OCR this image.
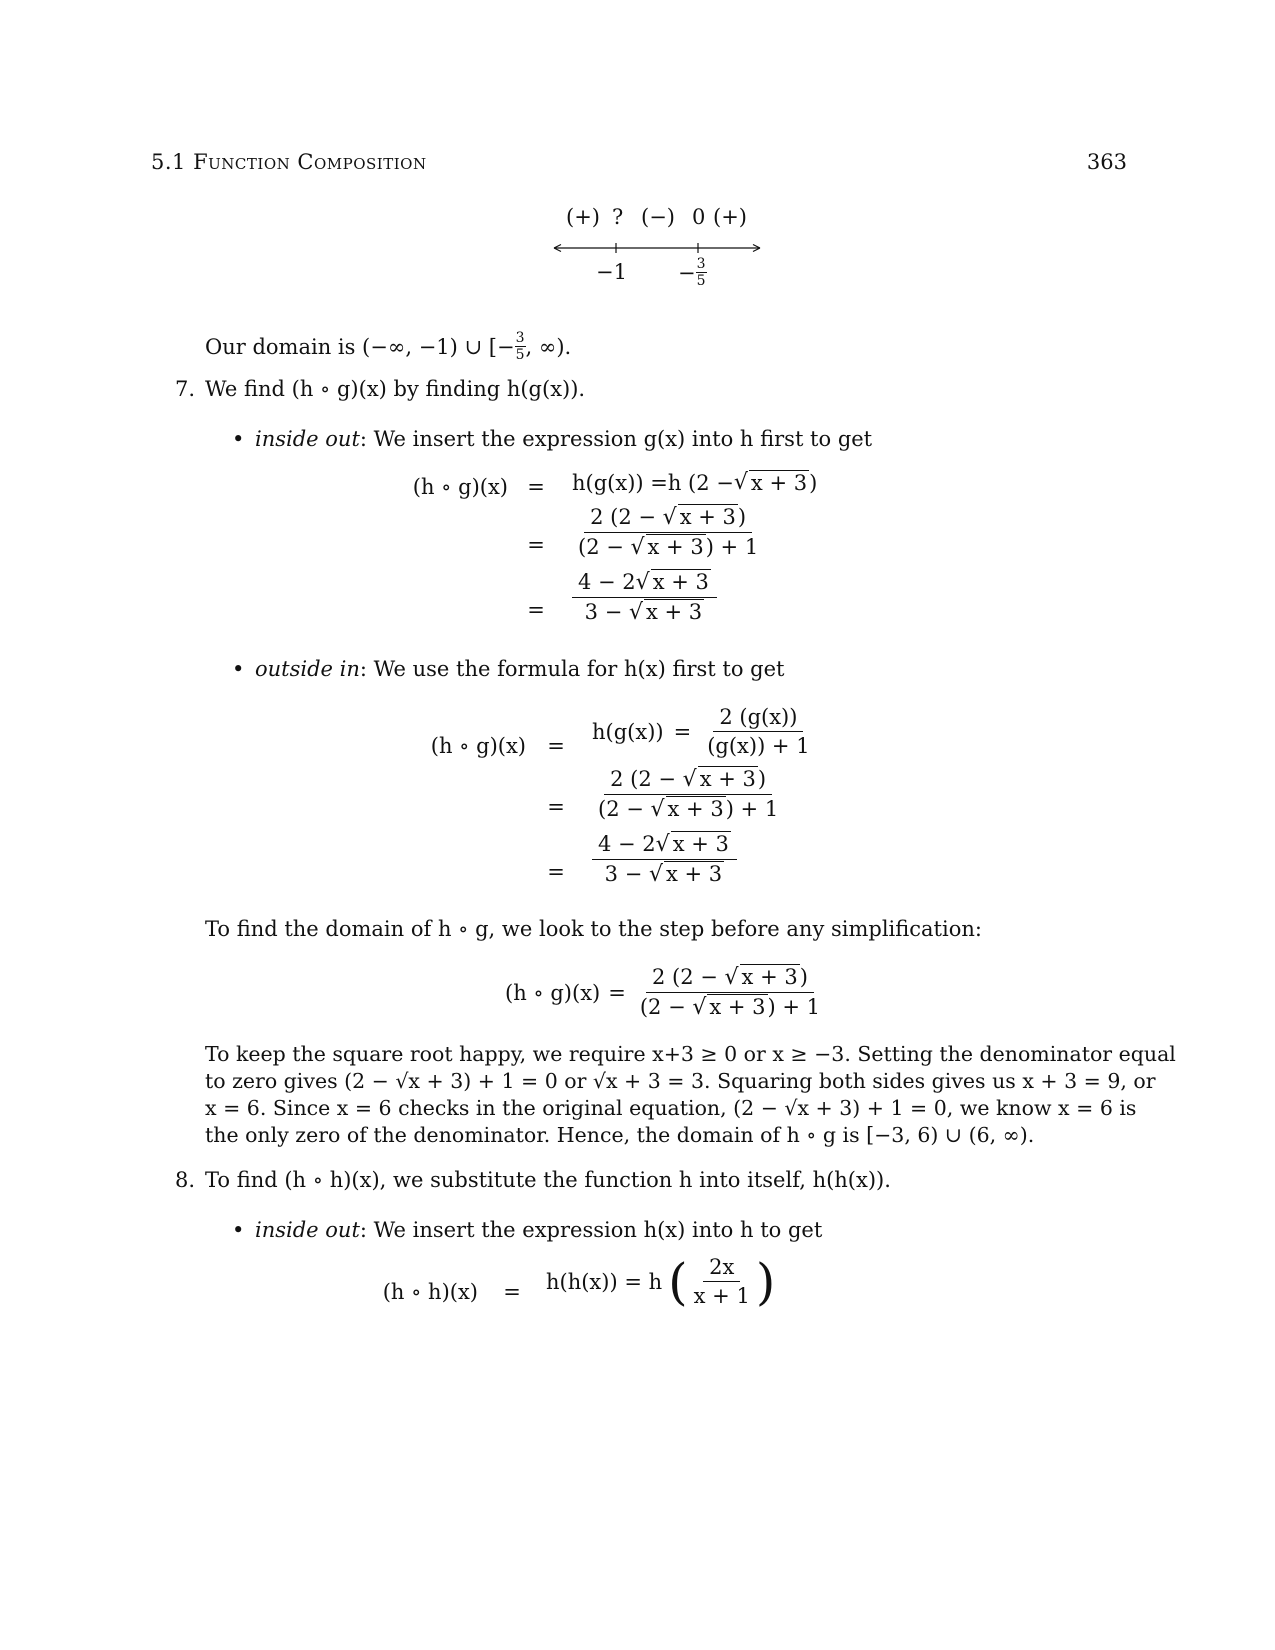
5.1 Function Composition	363
(+) ? (−) 0 (+)
$-1 - \frac{3}{5}$
Our domain is (−∞, −1) ∪ [− $\frac{3}{5}$ , ∞).
7. We find (h ∘ g)(x) by finding h(g(x)).
• inside out: We insert the expression g(x) into h first to get
(h ∘ g)(x) = h(g(x)) =h (2 − √ x + 3 )
= $\frac{2 (2 - √ x + 3)}{(2 - √ x + 3) + 1}$
= $\frac{4 - 2√ x + 3}{3 - √ x + 3}$
• outside in: We use the formula for h(x) first to get
(h ∘ g)(x) =
$h(g(x)) = \frac{2 (g(x))}{(g(x)) + 1}$
= $\frac{2 (2 - √ x + 3)}{(2 - √ x + 3) + 1}$
= $\frac{4 - 2√ x + 3}{3 - √ x + 3}$
To find the domain of h ∘ g, we look to the step before any simplification:
(h ∘ $g)(x) = \frac{2 (2 - √ x + 3)}{(2 - √ x + 3) + 1}$
To keep the square root happy, we require x+3 ≥ 0 or x ≥ −3. Setting the denominator equal
to zero gives (2 − √x + 3) + 1 = 0 or √x + 3 = 3. Squaring both sides gives us x + 3 = 9, or
x = 6. Since x = 6 checks in the original equation, (2 − √x + 3) + 1 = 0, we know x = 6 is
the only zero of the denominator. Hence, the domain of h ∘ g is [−3, 6) ∪ (6, ∞).
8. To find (h ∘ h)(x), we substitute the function h into itself, h(h(x)).
• inside out: We insert the expression h(x) into h to get
(h ∘ h)(x) = h(h(x)) = h ( $\frac{2x}{x + 1}$ )
